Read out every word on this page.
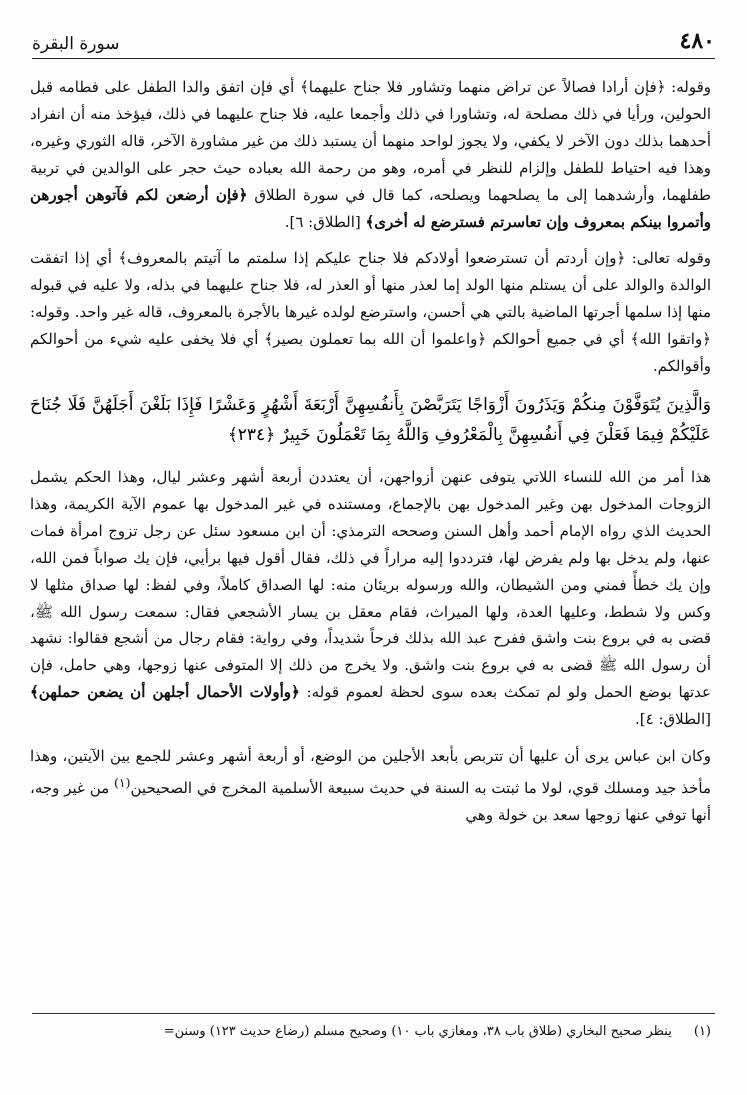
٤٨٠
سورة البقرة

وقوله: ﴿فإن أرادا فصالاً عن تراض منهما وتشاور فلا جناح عليهما﴾ أي فإن اتفق والدا الطفل على فطامه قبل الحولين، ورأيا في ذلك مصلحة له، وتشاورا في ذلك وأجمعا عليه، فلا جناح عليهما في ذلك، فيؤخذ منه أن انفراد أحدهما بذلك دون الآخر لا يكفي، ولا يجوز لواحد منهما أن يستبد ذلك من غير مشاورة الآخر، قاله الثوري وغيره، وهذا فيه احتياط للطفل وإلزام للنظر في أمره، وهو من رحمة الله بعباده حيث حجر على الوالدين في تربية طفلهما، وأرشدهما إلى ما يصلحهما ويصلحه، كما قال في سورة الطلاق ﴿فإن أرضعن لكم فآتوهن أجورهن وأتمروا بينكم بمعروف وإن تعاسرتم فسترضع له أخرى﴾ [الطلاق: ٦].

وقوله تعالى: ﴿وإن أردتم أن تسترضعوا أولادكم فلا جناح عليكم إذا سلمتم ما آتيتم بالمعروف﴾ أي إذا اتفقت الوالدة والوالد على أن يستلم منها الولد إما لعذر منها أو العذر له، فلا جناح عليهما في بذله، ولا عليه في قبوله منها إذا سلمها أجرتها الماضية بالتي هي أحسن، واسترضع لولده غيرها بالأجرة بالمعروف، قاله غير واحد. وقوله: ﴿واتقوا الله﴾ أي في جميع أحوالكم ﴿واعلموا أن الله بما تعملون بصير﴾ أي فلا يخفى عليه شيء من أحوالكم وأقوالكم.

وَالَّذِينَ يُتَوَفَّوْنَ مِنكُمْ وَيَذَرُونَ أَزْوَاجًا يَتَرَبَّصْنَ بِأَنفُسِهِنَّ أَرْبَعَةَ أَشْهُرٍ وَعَشْرًا فَإِذَا بَلَغْنَ أَجَلَهُنَّ فَلَا جُنَاحَ عَلَيْكُمْ فِيمَا فَعَلْنَ فِي أَنفُسِهِنَّ بِالْمَعْرُوفِ وَاللَّهُ بِمَا تَعْمَلُونَ خَبِيرٌ ﴿٢٣٤﴾

هذا أمر من الله للنساء اللاتي يتوفى عنهن أزواجهن، أن يعتددن أربعة أشهر وعشر ليال، وهذا الحكم يشمل الزوجات المدخول بهن وغير المدخول بهن بالإجماع، ومستنده في غير المدخول بها عموم الآية الكريمة، وهذا الحديث الذي رواه الإمام أحمد وأهل السنن وصححه الترمذي: أن ابن مسعود سئل عن رجل تزوج امرأة فمات عنها، ولم يدخل بها ولم يفرض لها، فترددوا إليه مراراً في ذلك، فقال أقول فيها برأيي، فإن يك صواباً فمن الله، وإن يك خطأً فمني ومن الشيطان، والله ورسوله بريئان منه: لها الصداق كاملاً، وفي لفظ: لها صداق مثلها لا وكس ولا شطط، وعليها العدة، ولها الميراث، فقام معقل بن يسار الأشجعي فقال: سمعت رسول الله ﷺ، قضى به في بروع بنت واشق ففرح عبد الله بذلك فرحاً شديداً، وفي رواية: فقام رجال من أشجع فقالوا: نشهد أن رسول الله ﷺ قضى به في بروع بنت واشق. ولا يخرج من ذلك إلا المتوفى عنها زوجها، وهي حامل، فإن عدتها بوضع الحمل ولو لم تمكث بعده سوى لحظة لعموم قوله: ﴿وأولات الأحمال أجلهن أن يضعن حملهن﴾ [الطلاق: ٤].

وكان ابن عباس يرى أن عليها أن تتربص بأبعد الأجلين من الوضع، أو أربعة أشهر وعشر للجمع بين الآيتين، وهذا مأخذ جيد ومسلك قوي، لولا ما ثبتت به السنة في حديث سبيعة الأسلمية المخرج في الصحيحين$^{(١)}$ من غير وجه، أنها توفي عنها زوجها سعد بن خولة وهي

(١)
ينظر صحيح البخاري (طلاق باب ٣٨، ومغازي باب ١٠) وصحيح مسلم (رضاع حديث ١٢٣) وسنن=
